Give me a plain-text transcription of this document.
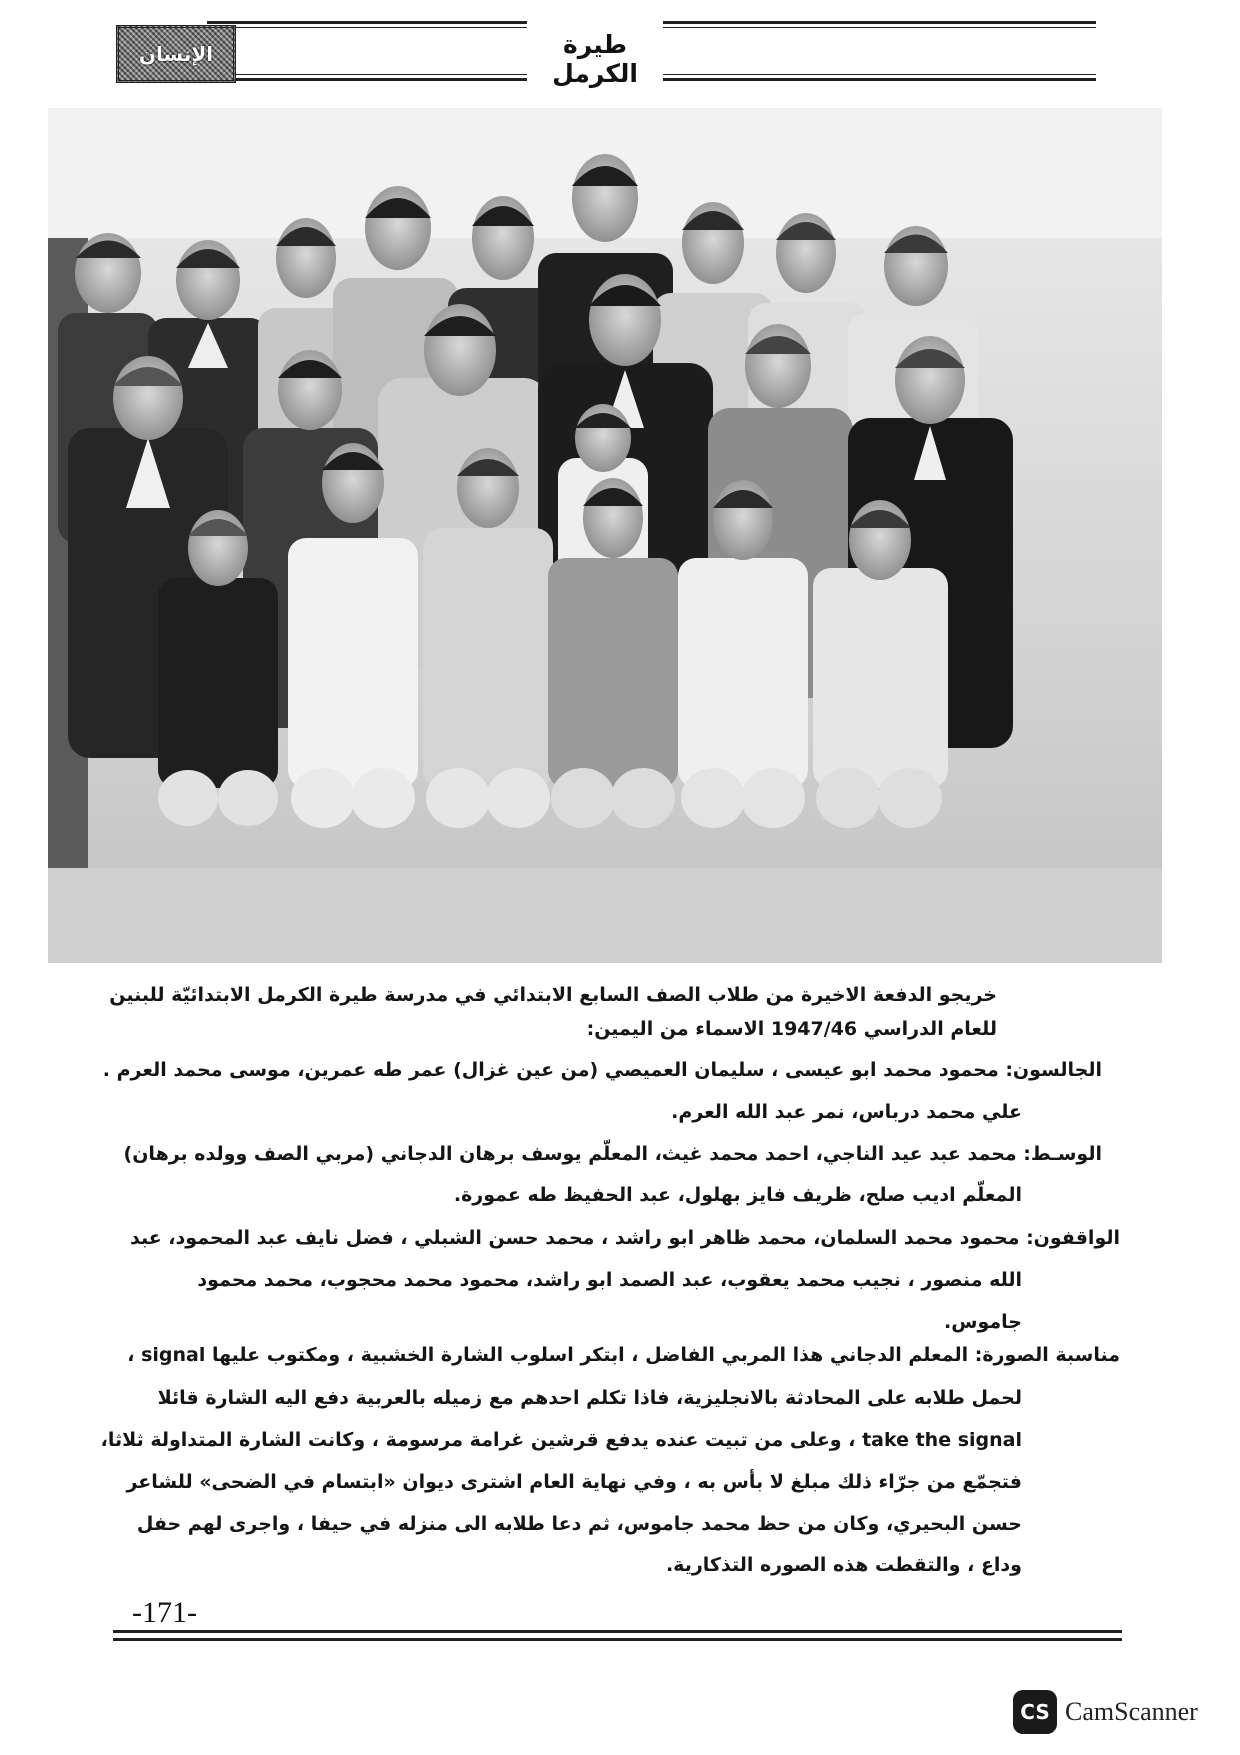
طيرة الكرمل
الإنسان
خريجو الدفعة الاخيرة من طلاب الصف السابع الابتدائي في مدرسة طيرة الكرمل الابتدائيّة للبنين
للعام الدراسي 1947/46 الاسماء من اليمين:
الجالسون: محمود محمد ابو عيسى ، سليمان العميصي (من عين غزال) عمر طه عمرين، موسى محمد العرم .
علي محمد درباس، نمر عبد الله العرم.
الوسـط: محمد عبد عيد الناجي، احمد محمد غيث، المعلّم يوسف برهان الدجاني (مربي الصف وولده برهان)
المعلّم اديب صلح، ظريف فايز بهلول، عبد الحفيظ طه عمورة.
الواقفون: محمود محمد السلمان، محمد ظاهر ابو راشد ، محمد حسن الشبلي ، فضل نايف عبد المحمود، عبد
الله منصور ، نجيب محمد يعقوب، عبد الصمد ابو راشد، محمود محمد محجوب، محمد محمود
جاموس.
مناسبة الصورة: المعلم الدجاني هذا المربي الفاضل ، ابتكر اسلوب الشارة الخشبية ، ومكتوب عليها signal ،
لحمل طلابه على المحادثة بالانجليزية، فاذا تكلم احدهم مع زميله بالعربية دفع اليه الشارة قائلا
take the signal ، وعلى من تبيت عنده يدفع قرشين غرامة مرسومة ، وكانت الشارة المتداولة ثلاثا،
فتجمّع من جرّاء ذلك مبلغ لا بأس به ، وفي نهاية العام اشترى ديوان «ابتسام في الضحى» للشاعر
حسن البحيري، وكان من حظ محمد جاموس، ثم دعا طلابه الى منزله في حيفا ، واجرى لهم حفل
وداع ، والتقطت هذه الصوره التذكارية.
-171-
CS CamScanner
